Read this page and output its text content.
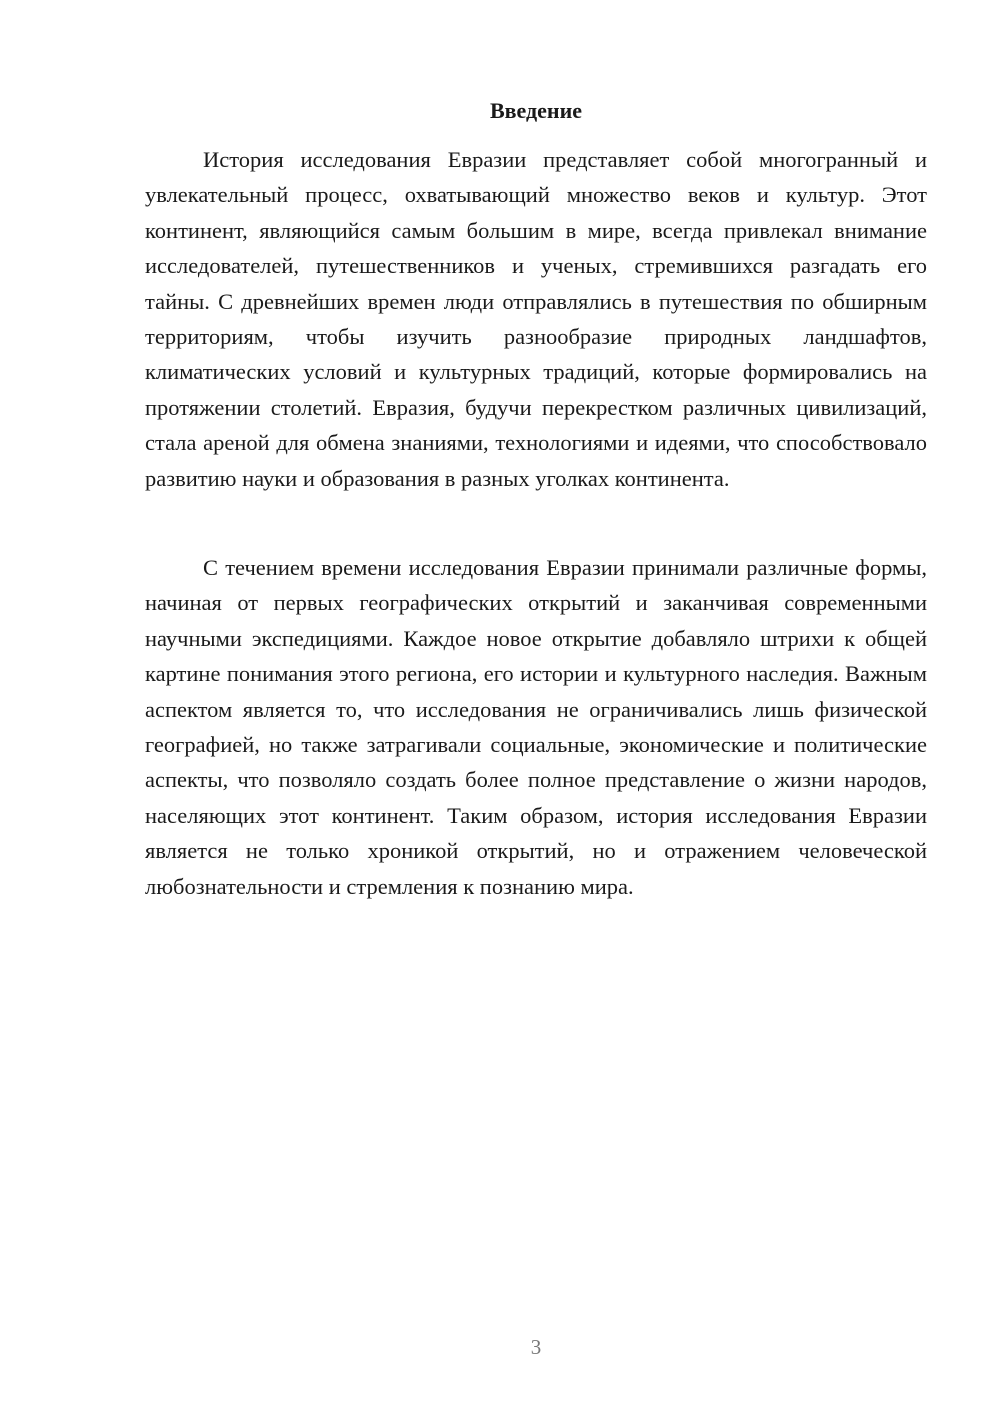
Введение

История исследования Евразии представляет собой многогранный и увлекательный процесс, охватывающий множество веков и культур. Этот континент, являющийся самым большим в мире, всегда привлекал внимание исследователей, путешественников и ученых, стремившихся разгадать его тайны. С древнейших времен люди отправлялись в путешествия по обширным территориям, чтобы изучить разнообразие природных ландшафтов, климатических условий и культурных традиций, которые формировались на протяжении столетий. Евразия, будучи перекрестком различных цивилизаций, стала ареной для обмена знаниями, технологиями и идеями, что способствовало развитию науки и образования в разных уголках континента.

С течением времени исследования Евразии принимали различные формы, начиная от первых географических открытий и заканчивая современными научными экспедициями. Каждое новое открытие добавляло штрихи к общей картине понимания этого региона, его истории и культурного наследия. Важным аспектом является то, что исследования не ограничивались лишь физической географией, но также затрагивали социальные, экономические и политические аспекты, что позволяло создать более полное представление о жизни народов, населяющих этот континент. Таким образом, история исследования Евразии является не только хроникой открытий, но и отражением человеческой любознательности и стремления к познанию мира.

3
